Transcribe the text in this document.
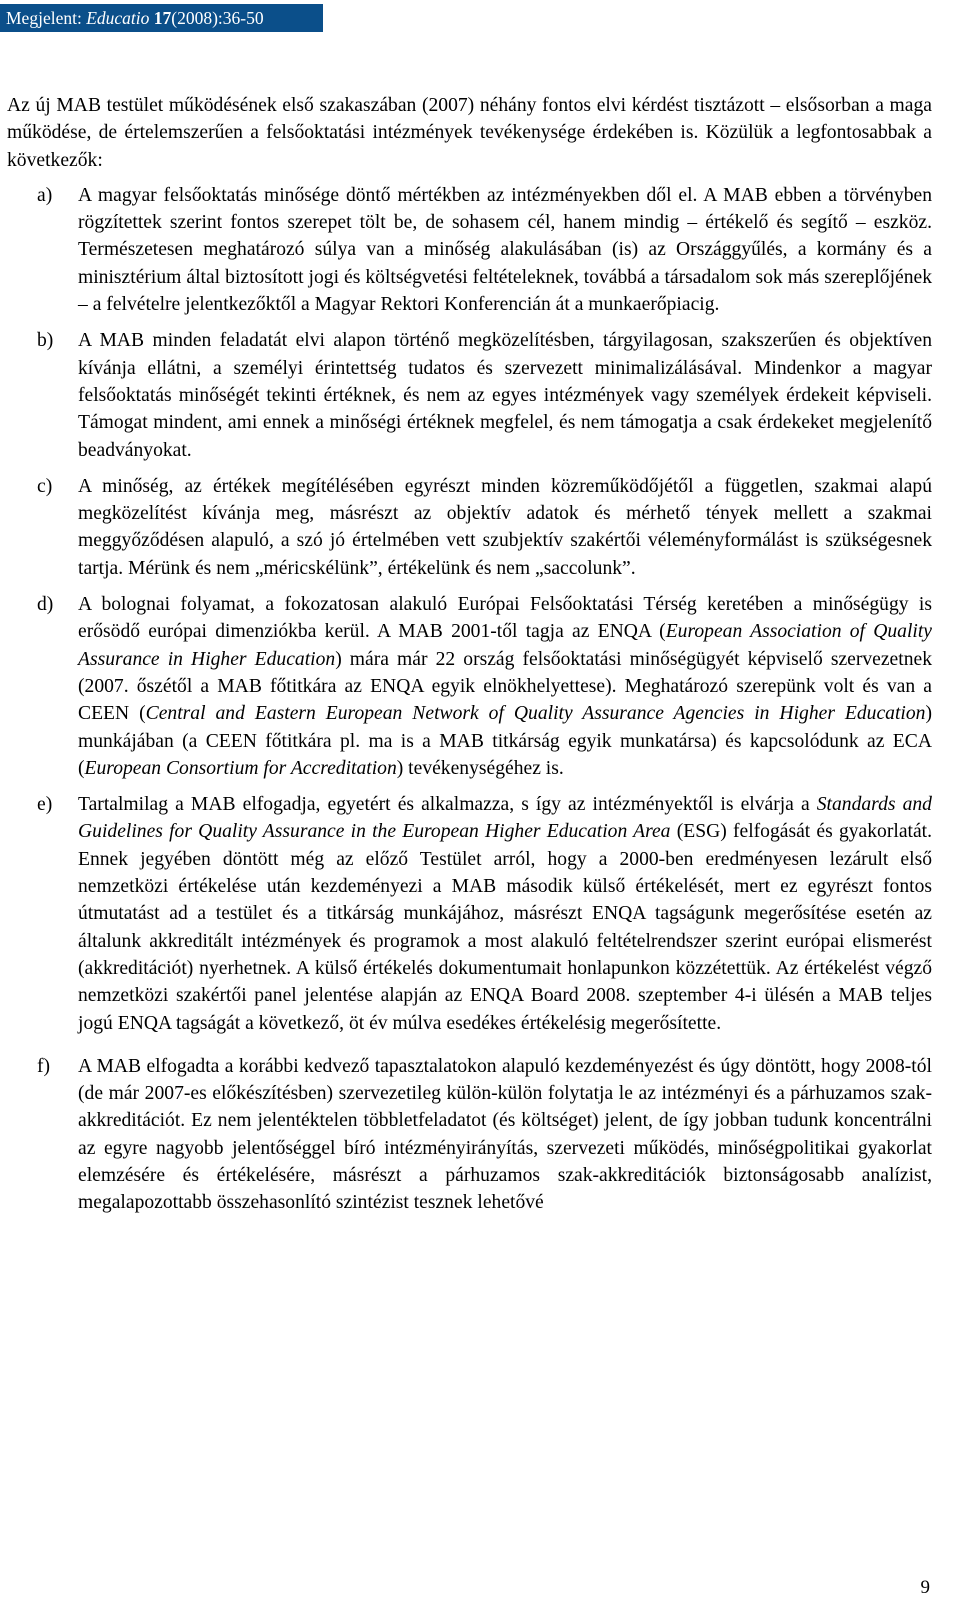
Megjelent: Educatio 17(2008):36-50

Az új MAB testület működésének első szakaszában (2007) néhány fontos elvi kérdést tisztázott – elsősorban a maga működése, de értelemszerűen a felsőoktatási intézmények tevékenysége érdekében is. Közülük a legfontosabbak a következők:

a) A magyar felsőoktatás minősége döntő mértékben az intézményekben dől el. A MAB ebben a törvényben rögzítettek szerint fontos szerepet tölt be, de sohasem cél, hanem mindig – értékelő és segítő – eszköz. Természetesen meghatározó súlya van a minőség alakulásában (is) az Országgyűlés, a kormány és a minisztérium által biztosított jogi és költségvetési feltételeknek, továbbá a társadalom sok más szereplőjének – a felvételre jelentkezőktől a Magyar Rektori Konferencián át a munkaerőpiacig.

b) A MAB minden feladatát elvi alapon történő megközelítésben, tárgyilagosan, szakszerűen és objektíven kívánja ellátni, a személyi érintettség tudatos és szervezett minimalizálásával. Mindenkor a magyar felsőoktatás minőségét tekinti értéknek, és nem az egyes intézmények vagy személyek érdekeit képviseli. Támogat mindent, ami ennek a minőségi értéknek megfelel, és nem támogatja a csak érdekeket megjelenítő beadványokat.

c) A minőség, az értékek megítélésében egyrészt minden közreműködőjétől a független, szakmai alapú megközelítést kívánja meg, másrészt az objektív adatok és mérhető tények mellett a szakmai meggyőződésen alapuló, a szó jó értelmében vett szubjektív szakértői véleményformálást is szükségesnek tartja. Mérünk és nem „méricskélünk”, értékelünk és nem „saccolunk”.

d) A bolognai folyamat, a fokozatosan alakuló Európai Felsőoktatási Térség keretében a minőségügy is erősödő európai dimenziókba kerül. A MAB 2001-től tagja az ENQA (European Association of Quality Assurance in Higher Education) mára már 22 ország felsőoktatási minőségügyét képviselő szervezetnek (2007. őszétől a MAB főtitkára az ENQA egyik elnökhelyettese). Meghatározó szerepünk volt és van a CEEN (Central and Eastern European Network of Quality Assurance Agencies in Higher Education) munkájában (a CEEN főtitkára pl. ma is a MAB titkárság egyik munkatársa) és kapcsolódunk az ECA (European Consortium for Accreditation) tevékenységéhez is.

e) Tartalmilag a MAB elfogadja, egyetért és alkalmazza, s így az intézményektől is elvárja a Standards and Guidelines for Quality Assurance in the European Higher Education Area (ESG) felfogását és gyakorlatát. Ennek jegyében döntött még az előző Testület arról, hogy a 2000-ben eredményesen lezárult első nemzetközi értékelése után kezdeményezi a MAB második külső értékelését, mert ez egyrészt fontos útmutatást ad a testület és a titkárság munkájához, másrészt ENQA tagságunk megerősítése esetén az általunk akkreditált intézmények és programok a most alakuló feltételrendszer szerint európai elismerést (akkreditációt) nyerhetnek. A külső értékelés dokumentumait honlapunkon közzétettük. Az értékelést végző nemzetközi szakértői panel jelentése alapján az ENQA Board 2008. szeptember 4-i ülésén a MAB teljes jogú ENQA tagságát a következő, öt év múlva esedékes értékelésig megerősítette.

f) A MAB elfogadta a korábbi kedvező tapasztalatokon alapuló kezdeményezést és úgy döntött, hogy 2008-tól (de már 2007-es előkészítésben) szervezetileg külön-külön folytatja le az intézményi és a párhuzamos szak-akkreditációt. Ez nem jelentéktelen többletfeladatot (és költséget) jelent, de így jobban tudunk koncentrálni az egyre nagyobb jelentőséggel bíró intézményirányítás, szervezeti működés, minőségpolitikai gyakorlat elemzésére és értékelésére, másrészt a párhuzamos szak-akkreditációk biztonságosabb analízist, megalapozottabb összehasonlító szintézist tesznek lehetővé

9
